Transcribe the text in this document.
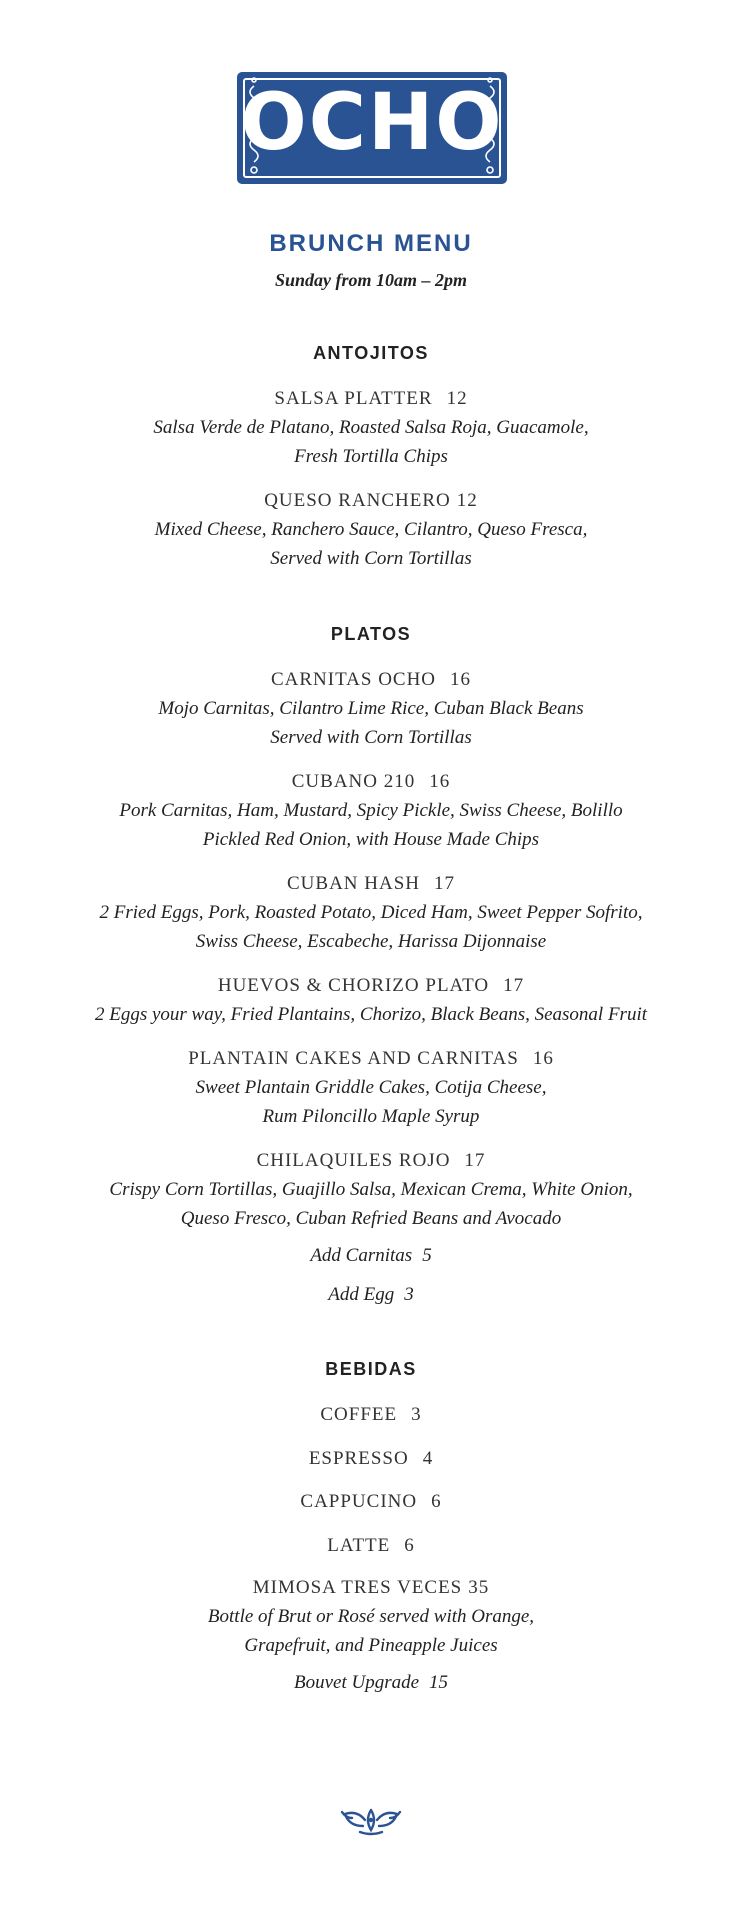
OCHO
BRUNCH MENU
Sunday from 10am – 2pm
ANTOJITOS
SALSA PLATTER 12
Salsa Verde de Platano, Roasted Salsa Roja, Guacamole,
Fresh Tortilla Chips
QUESO RANCHERO 12
Mixed Cheese, Ranchero Sauce, Cilantro, Queso Fresca,
Served with Corn Tortillas
PLATOS
CARNITAS OCHO 16
Mojo Carnitas, Cilantro Lime Rice, Cuban Black Beans
Served with Corn Tortillas
CUBANO 210 16
Pork Carnitas, Ham, Mustard, Spicy Pickle, Swiss Cheese, Bolillo
Pickled Red Onion, with House Made Chips
CUBAN HASH 17
2 Fried Eggs, Pork, Roasted Potato, Diced Ham, Sweet Pepper Sofrito,
Swiss Cheese, Escabeche, Harissa Dijonnaise
HUEVOS & CHORIZO PLATO 17
2 Eggs your way, Fried Plantains, Chorizo, Black Beans, Seasonal Fruit
PLANTAIN CAKES AND CARNITAS 16
Sweet Plantain Griddle Cakes, Cotija Cheese,
Rum Piloncillo Maple Syrup
CHILAQUILES ROJO 17
Crispy Corn Tortillas, Guajillo Salsa, Mexican Crema, White Onion,
Queso Fresco, Cuban Refried Beans and Avocado
Add Carnitas 5
Add Egg 3
BEBIDAS
COFFEE 3
ESPRESSO 4
CAPPUCINO 6
LATTE 6
MIMOSA TRES VECES 35
Bottle of Brut or Rosé served with Orange,
Grapefruit, and Pineapple Juices
Bouvet Upgrade 15
